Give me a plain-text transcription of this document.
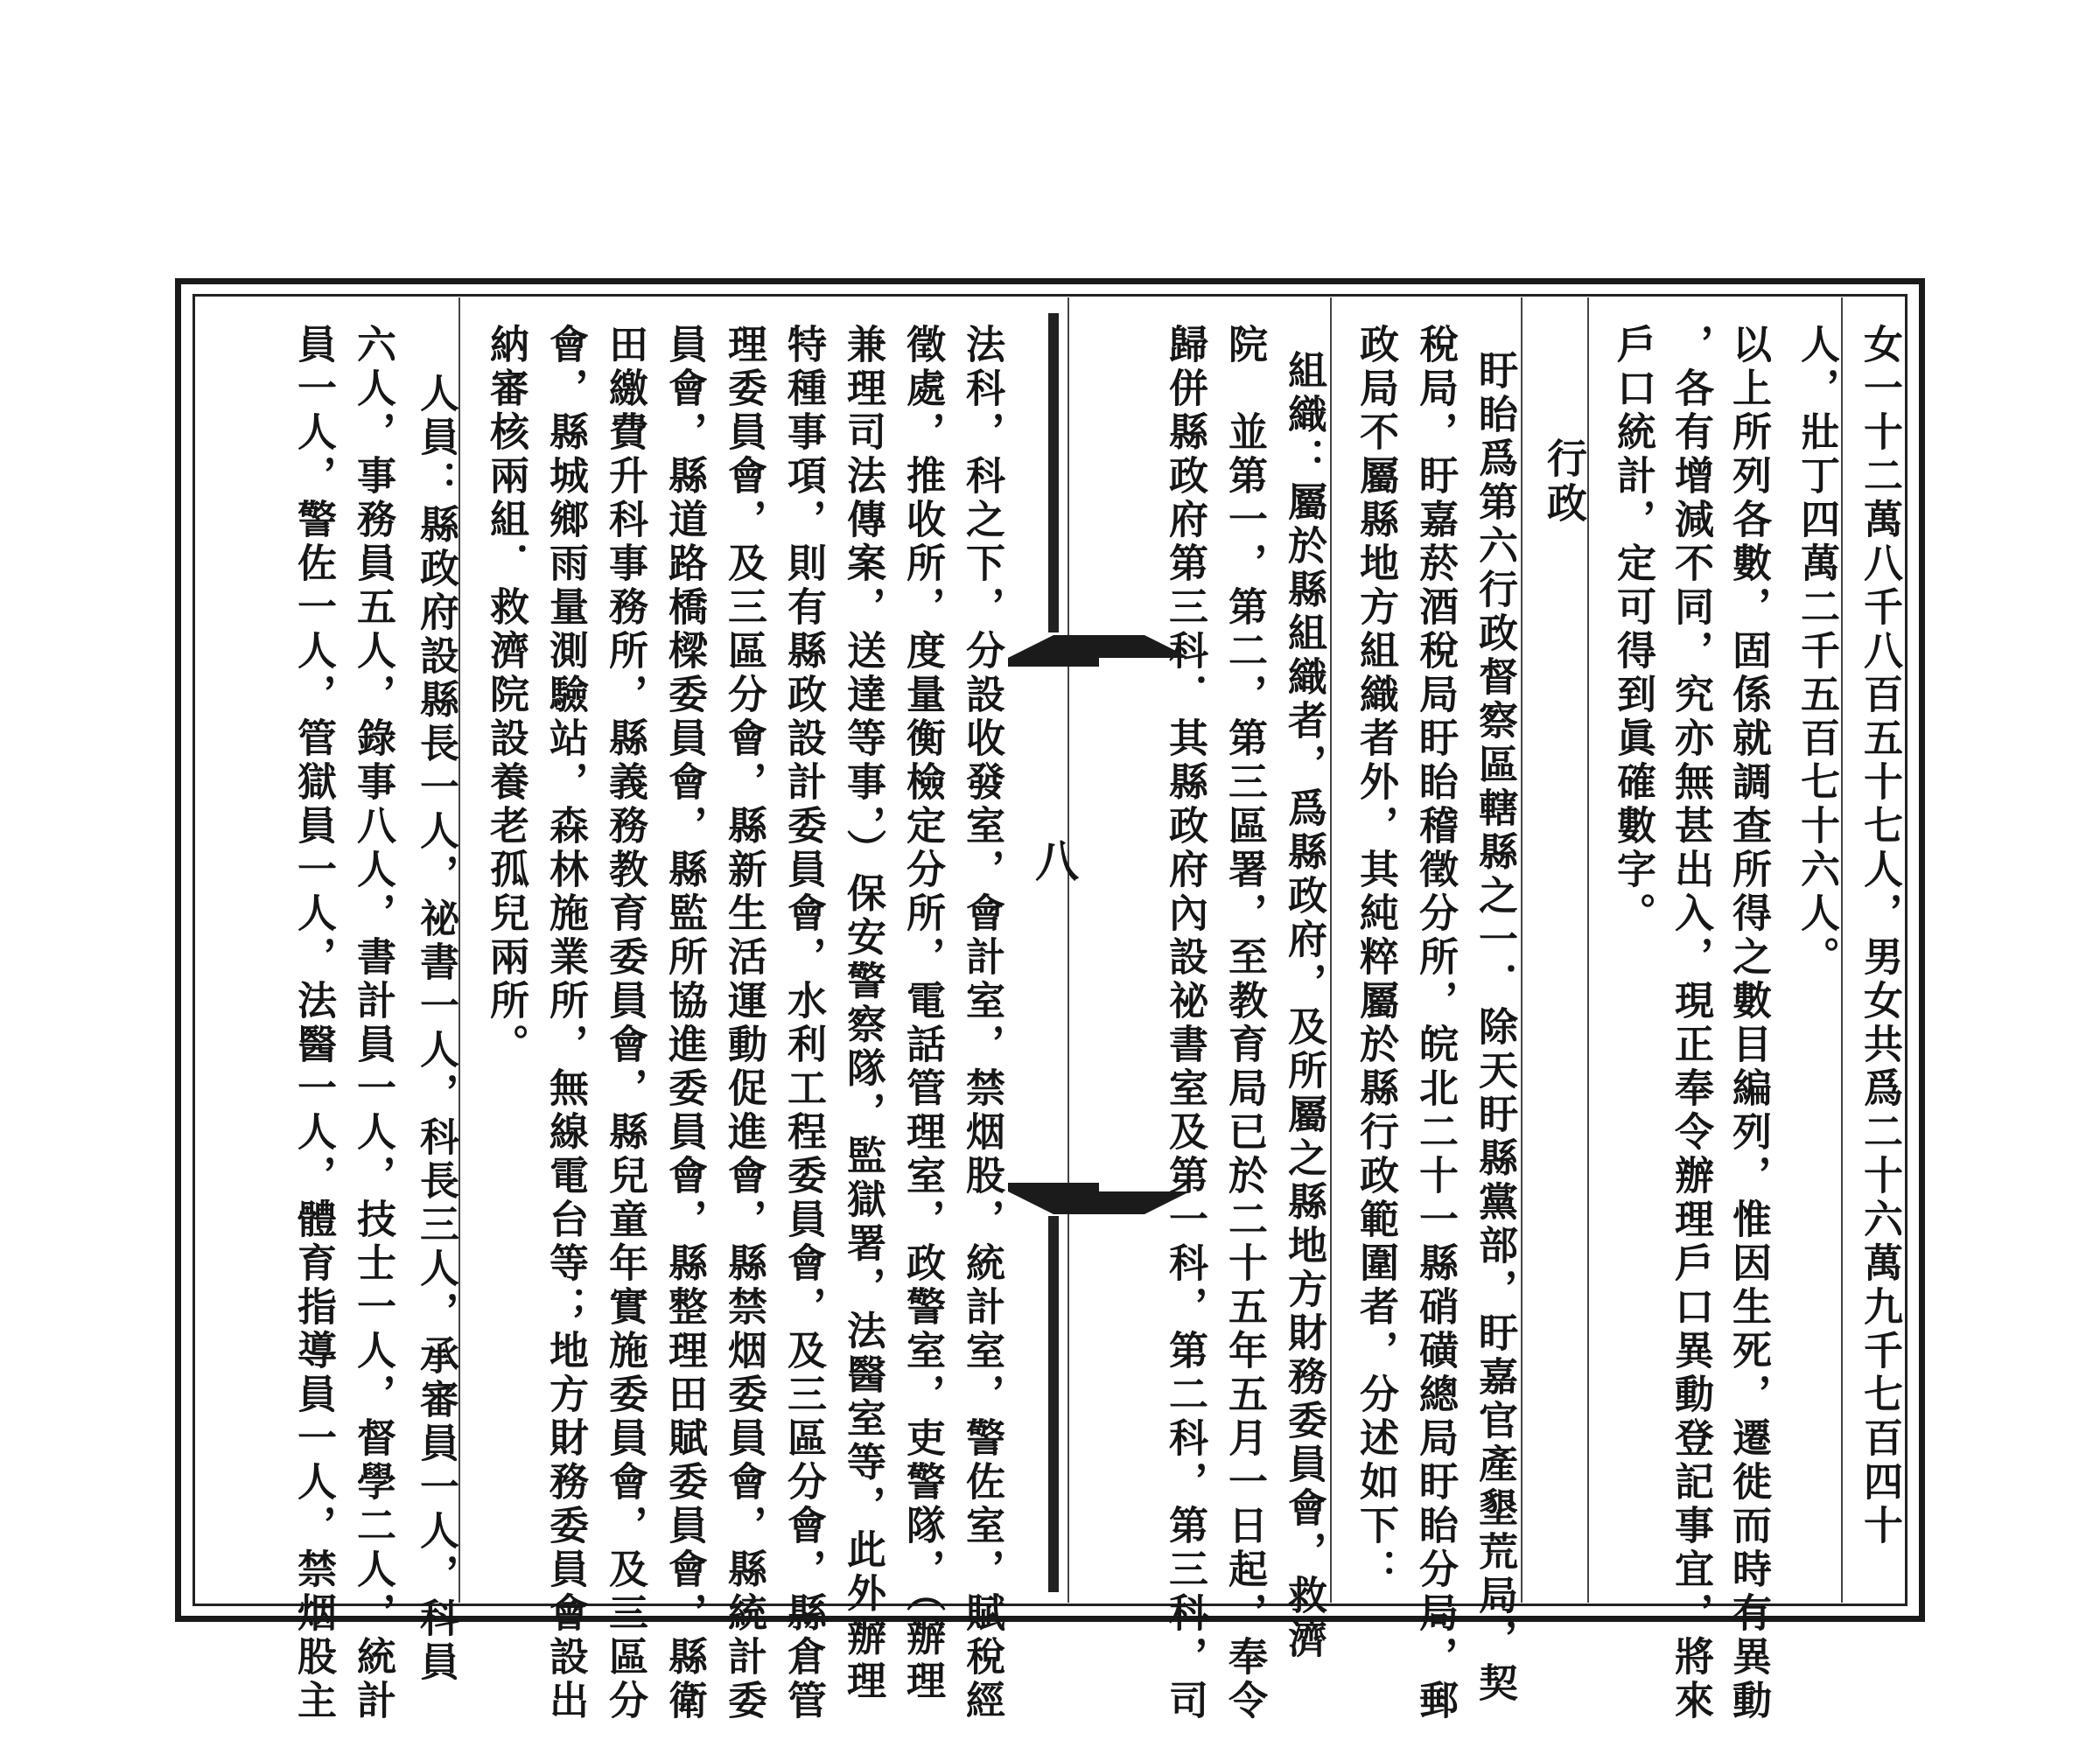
女一十二萬八千八百五十七人，男女共爲二十六萬九千七百四十
人，壯丁四萬二千五百七十六人。
以上所列各數，固係就調查所得之數目編列，惟因生死，遷徙而時有異動
，各有增減不同，究亦無甚出入，現正奉令辦理戶口異動登記事宜，將來
戶口統計，定可得到眞確數字。
行政
盱眙爲第六行政督察區轄縣之一．除天盱縣黨部，盱嘉官產墾荒局，契
稅局，盱嘉菸酒稅局盱眙稽徵分所，皖北二十一縣硝磺總局盱眙分局，郵
政局不屬縣地方組織者外，其純粹屬於縣行政範圍者，分述如下：
組織：屬於縣組織者，爲縣政府，及所屬之縣地方財務委員會，救濟
院　並第一，第二，第三區署，至教育局已於二十五年五月一日起，奉令
歸併縣政府第三科．其縣政府內設祕書室及第一科，第二科，第三科，司
八
法科，科之下，分設收發室，會計室，禁烟股，統計室，警佐室，賦稅經
徵處，推收所，度量衡檢定分所，電話管理室，政警室，吏警隊，（辦理
兼理司法傳案，送達等事，）保安警察隊，監獄署，法醫室等，此外辦理
特種事項，則有縣政設計委員會，水利工程委員會，及三區分會，縣倉管
理委員會，及三區分會，縣新生活運動促進會，縣禁烟委員會，縣統計委
員會，縣道路橋樑委員會，縣監所協進委員會，縣整理田賦委員會，縣衛
田繳費升科事務所，縣義務教育委員會，縣兒童年實施委員會，及三區分
會，縣城鄉雨量測驗站，森林施業所，無線電台等；地方財務委員會設出
納審核兩組．救濟院設養老孤兒兩所。
人員：縣政府設縣長一人，祕書一人，科長三人，承審員一人，科員
六人，事務員五人，錄事八人，書計員一人，技士一人，督學二人，統計
員一人，警佐一人，管獄員一人，法醫一人，體育指導員一人，禁烟股主
